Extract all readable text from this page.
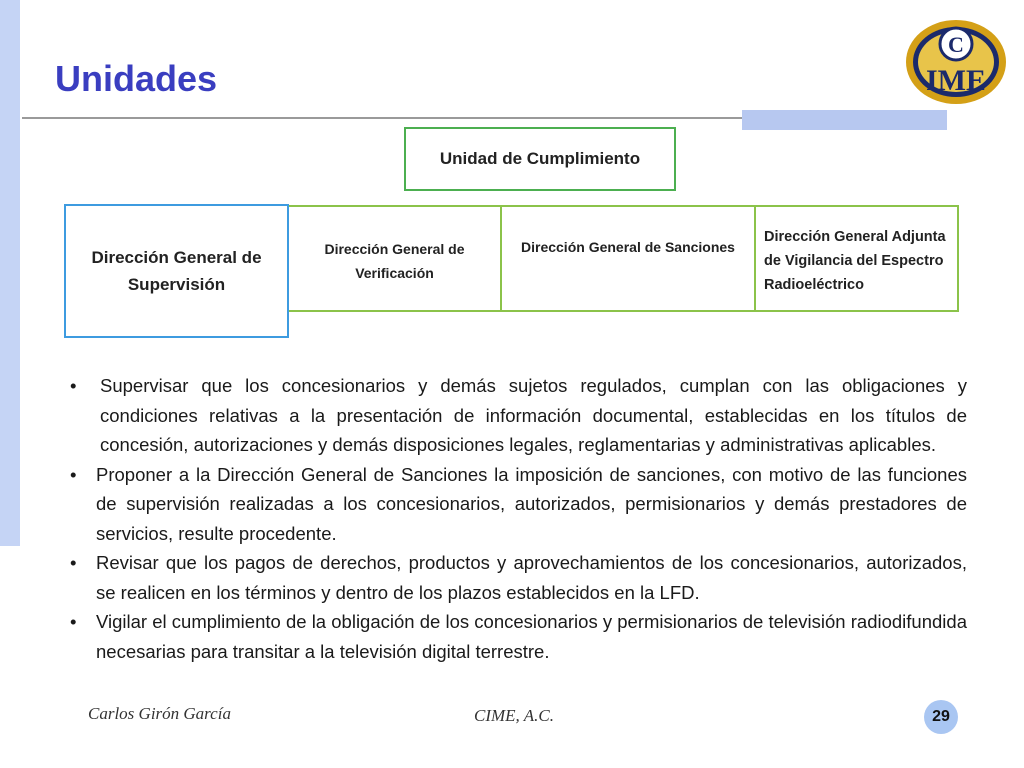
Unidades
C
IME
Unidad de Cumplimiento
Dirección General de Supervisión
Dirección General de Verificación
Dirección General de Sanciones
Dirección General Adjunta de Vigilancia del Espectro Radioeléctrico
• Supervisar que los concesionarios y demás sujetos regulados, cumplan con las obligaciones y condiciones relativas a la presentación de información documental, establecidas en los títulos de concesión, autorizaciones y demás disposiciones legales, reglamentarias y administrativas aplicables.
• Proponer a la Dirección General de Sanciones la imposición de sanciones, con motivo de las funciones de supervisión realizadas a los concesionarios, autorizados, permisionarios y demás prestadores de servicios, resulte procedente.
• Revisar que los pagos de derechos, productos y aprovechamientos de los concesionarios, autorizados, se realicen en los términos y dentro de los plazos establecidos en la LFD.
• Vigilar el cumplimiento de la obligación de los concesionarios y permisionarios de televisión radiodifundida necesarias para transitar a la televisión digital terrestre.
Carlos Girón García	CIME, A.C.	29
